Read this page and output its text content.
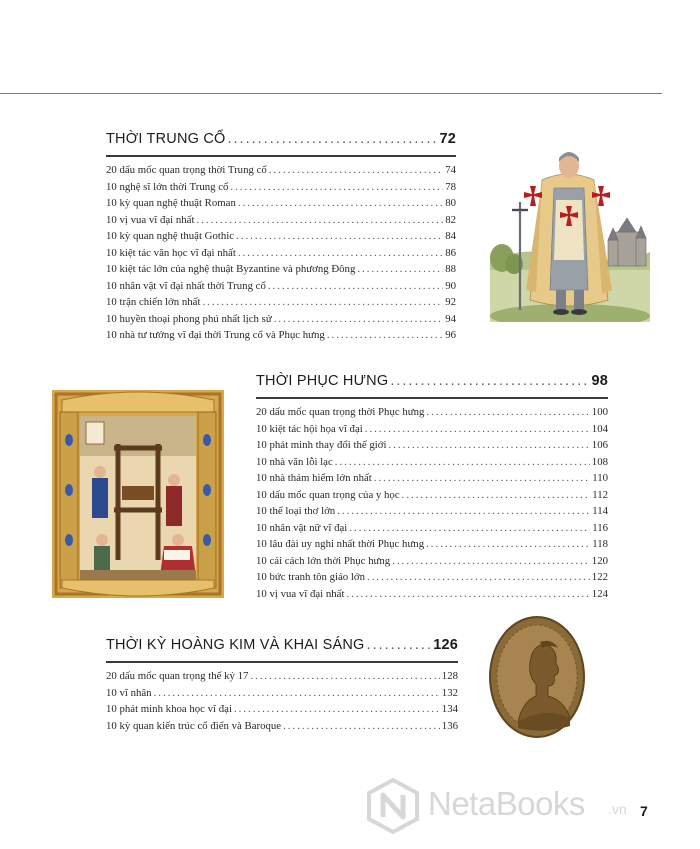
THỜI TRUNG CỔ .....	72
20 dấu mốc quan trọng thời Trung cổ .....	74
10 nghệ sĩ lớn thời Trung cổ .....	78
10 kỳ quan nghệ thuật Roman .....	80
10 vị vua vĩ đại nhất .....	82
10 kỳ quan nghệ thuật Gothic .....	84
10 kiệt tác văn học vĩ đại nhất .....	86
10 kiệt tác lớn của nghệ thuật Byzantine và phương Đông .....	88
10 nhân vật vĩ đại nhất thời Trung cổ .....	90
10 trận chiến lớn nhất .....	92
10 huyền thoại phong phú nhất lịch sử .....	94
10 nhà tư tưởng vĩ đại thời Trung cổ và Phục hưng .....	96
THỜI PHỤC HƯNG .....	98
20 dấu mốc quan trọng thời Phục hưng .....	100
10 kiệt tác hội họa vĩ đại .....	104
10 phát minh thay đổi thế giới .....	106
10 nhà văn lỗi lạc .....	108
10 nhà thám hiểm lớn nhất .....	110
10 dấu mốc quan trọng của y học .....	112
10 thể loại thơ lớn .....	114
10 nhân vật nữ vĩ đại .....	116
10 lâu đài uy nghi nhất thời Phục hưng .....	118
10 cải cách lớn thời Phục hưng .....	120
10 bức tranh tôn giáo lớn .....	122
10 vị vua vĩ đại nhất .....	124
THỜI KỲ HOÀNG KIM VÀ KHAI SÁNG .....	126
20 dấu mốc quan trọng thế kỷ 17 .....	128
10 vĩ nhân .....	132
10 phát minh khoa học vĩ đại .....	134
10 kỳ quan kiến trúc cổ điển và Baroque .....	136
NetaBooks .vn 7
